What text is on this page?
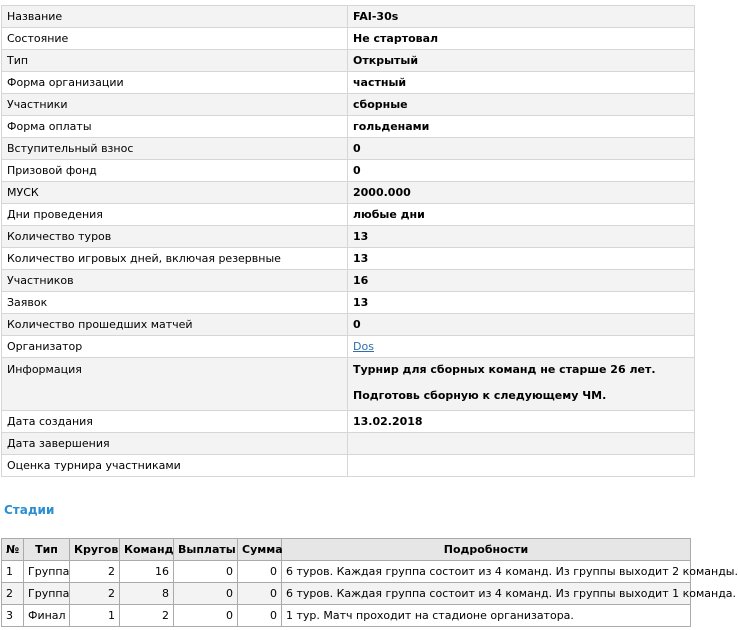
Название	FAI-30s
Состояние	Не стартовал
Тип	Открытый
Форма организации	частный
Участники	сборные
Форма оплаты	гольденами
Вступительный взнос	0
Призовой фонд	0
МУСК	2000.000
Дни проведения	любые дни
Количество туров	13
Количество игровых дней, включая резервные	13
Участников	16
Заявок	13
Количество прошедших матчей	0
Организатор	Dos
Информация	Турнир для сборных команд не старше 26 лет.
Подготовь сборную к следующему ЧМ.

Дата создания	13.02.2018
Дата завершения	
Оценка турнира участниками	
Стадии
№	Тип	Кругов	Команд	Выплаты	Сумма	Подробности
1	Группа	2	16	0	0	6 туров. Каждая группа состоит из 4 команд. Из группы выходит 2 команды.
2	Группа	2	8	0	0	6 туров. Каждая группа состоит из 4 команд. Из группы выходит 1 команда.
3	Финал	1	2	0	0	1 тур. Матч проходит на стадионе организатора.
